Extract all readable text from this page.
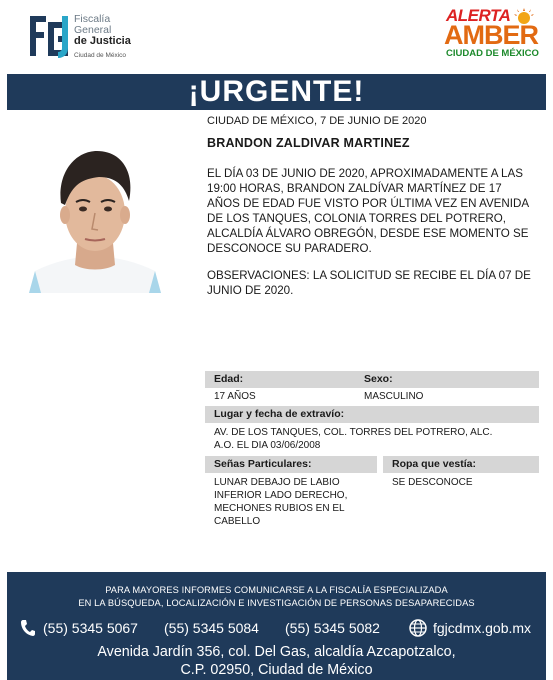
Fiscalía
General
de Justicia
Ciudad de México
ALERTA
AMBER
CIUDAD DE MÉXICO
¡URGENTE!
CIUDAD DE MÉXICO, 7 DE JUNIO DE 2020
BRANDON ZALDIVAR MARTINEZ
EL DÍA 03 DE JUNIO DE 2020, APROXIMADAMENTE A LAS 19:00 HORAS, BRANDON ZALDÍVAR MARTÍNEZ DE 17 AÑOS DE EDAD FUE VISTO POR ÚLTIMA VEZ EN AVENIDA DE LOS TANQUES, COLONIA TORRES DEL POTRERO, ALCALDÍA ÁLVARO OBREGÓN, DESDE ESE MOMENTO SE DESCONOCE SU PARADERO.
OBSERVACIONES: LA SOLICITUD SE RECIBE EL DÍA 07 DE JUNIO DE 2020.
Edad:
17 AÑOS
Sexo:
MASCULINO
Lugar y fecha de extravío:
AV. DE LOS TANQUES, COL. TORRES DEL POTRERO, ALC. A.O. EL DIA 03/06/2008
Señas Particulares:
LUNAR DEBAJO DE LABIO INFERIOR LADO DERECHO, MECHONES RUBIOS EN EL CABELLO
Ropa que vestía:
SE DESCONOCE
PARA MAYORES INFORMES COMUNICARSE A LA FISCALÍA ESPECIALIZADA
EN LA BÚSQUEDA, LOCALIZACIÓN E INVESTIGACIÓN DE PERSONAS DESAPARECIDAS
(55) 5345 5067 (55) 5345 5084 (55) 5345 5082	fgjcdmx.gob.mx
Avenida Jardín 356, col. Del Gas, alcaldía Azcapotzalco,
C.P. 02950, Ciudad de México
